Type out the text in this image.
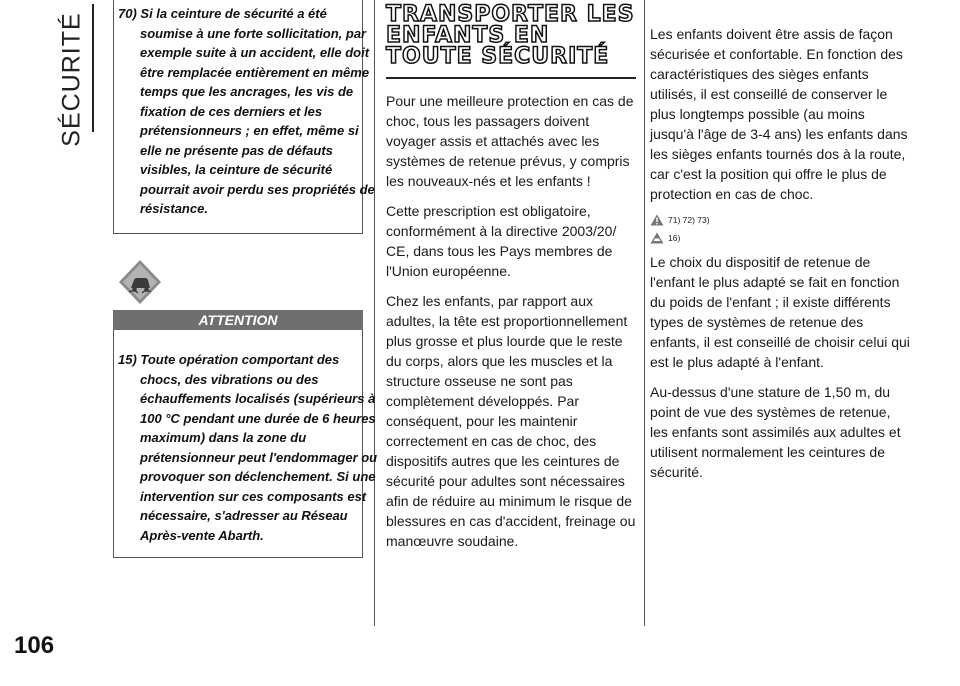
SÉCURITÉ
106

70) Si la ceinture de sécurité a été soumise à une forte sollicitation, par exemple suite à un accident, elle doit être remplacée entièrement en même temps que les ancrages, les vis de fixation de ces derniers et les prétensionneurs ; en effet, même si elle ne présente pas de défauts visibles, la ceinture de sécurité pourrait avoir perdu ses propriétés de résistance.

ATTENTION

15) Toute opération comportant des chocs, des vibrations ou des échauffements localisés (supérieurs à 100 °C pendant une durée de 6 heures maximum) dans la zone du prétensionneur peut l'endommager ou provoquer son déclenchement. Si une intervention sur ces composants est nécessaire, s'adresser au Réseau Après-vente Abarth.

TRANSPORTER LES ENFANTS EN TOUTE SÉCURITÉ

Pour une meilleure protection en cas de choc, tous les passagers doivent voyager assis et attachés avec les systèmes de retenue prévus, y compris les nouveaux-nés et les enfants !

Cette prescription est obligatoire, conformément à la directive 2003/20/ CE, dans tous les Pays membres de l'Union européenne.

Chez les enfants, par rapport aux adultes, la tête est proportionnellement plus grosse et plus lourde que le reste du corps, alors que les muscles et la structure osseuse ne sont pas complètement développés. Par conséquent, pour les maintenir correctement en cas de choc, des dispositifs autres que les ceintures de sécurité pour adultes sont nécessaires afin de réduire au minimum le risque de blessures en cas d'accident, freinage ou manœuvre soudaine.

Les enfants doivent être assis de façon sécurisée et confortable. En fonction des caractéristiques des sièges enfants utilisés, il est conseillé de conserver le plus longtemps possible (au moins jusqu'à l'âge de 3-4 ans) les enfants dans les sièges enfants tournés dos à la route, car c'est la position qui offre le plus de protection en cas de choc.

71) 72) 73)
16)

Le choix du dispositif de retenue de l'enfant le plus adapté se fait en fonction du poids de l'enfant ; il existe différents types de systèmes de retenue des enfants, il est conseillé de choisir celui qui est le plus adapté à l'enfant.

Au-dessus d'une stature de 1,50 m, du point de vue des systèmes de retenue, les enfants sont assimilés aux adultes et utilisent normalement les ceintures de sécurité.
